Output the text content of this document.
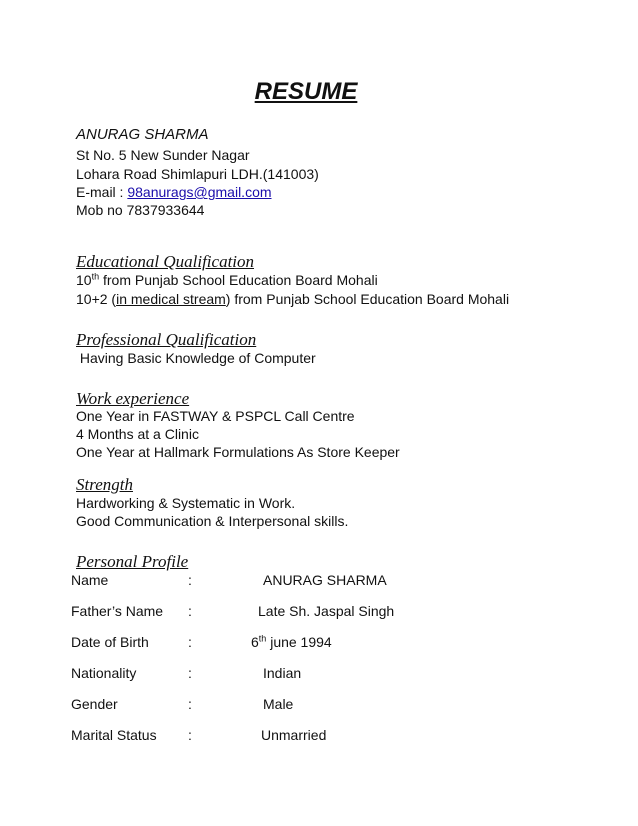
RESUME
ANURAG SHARMA
St No. 5 New Sunder Nagar
Lohara Road Shimlapuri LDH.(141003)
E-mail : 98anurags@gmail.com
Mob no 7837933644
Educational Qualification
10th from Punjab School Education Board Mohali
10+2 (in medical stream) from Punjab School Education Board Mohali
Professional Qualification
Having Basic Knowledge of Computer
Work experience
One Year in FASTWAY & PSPCL Call Centre
4 Months at a Clinic
One Year at Hallmark Formulations As Store Keeper
Strength
Hardworking & Systematic in Work.
Good Communication & Interpersonal skills.
Personal Profile
Name	:	ANURAG SHARMA
Father’s Name :	Late Sh. Jaspal Singh
Date of Birth	:	6th june 1994
Nationality	:	Indian
Gender	:	Male
Marital Status :	Unmarried
